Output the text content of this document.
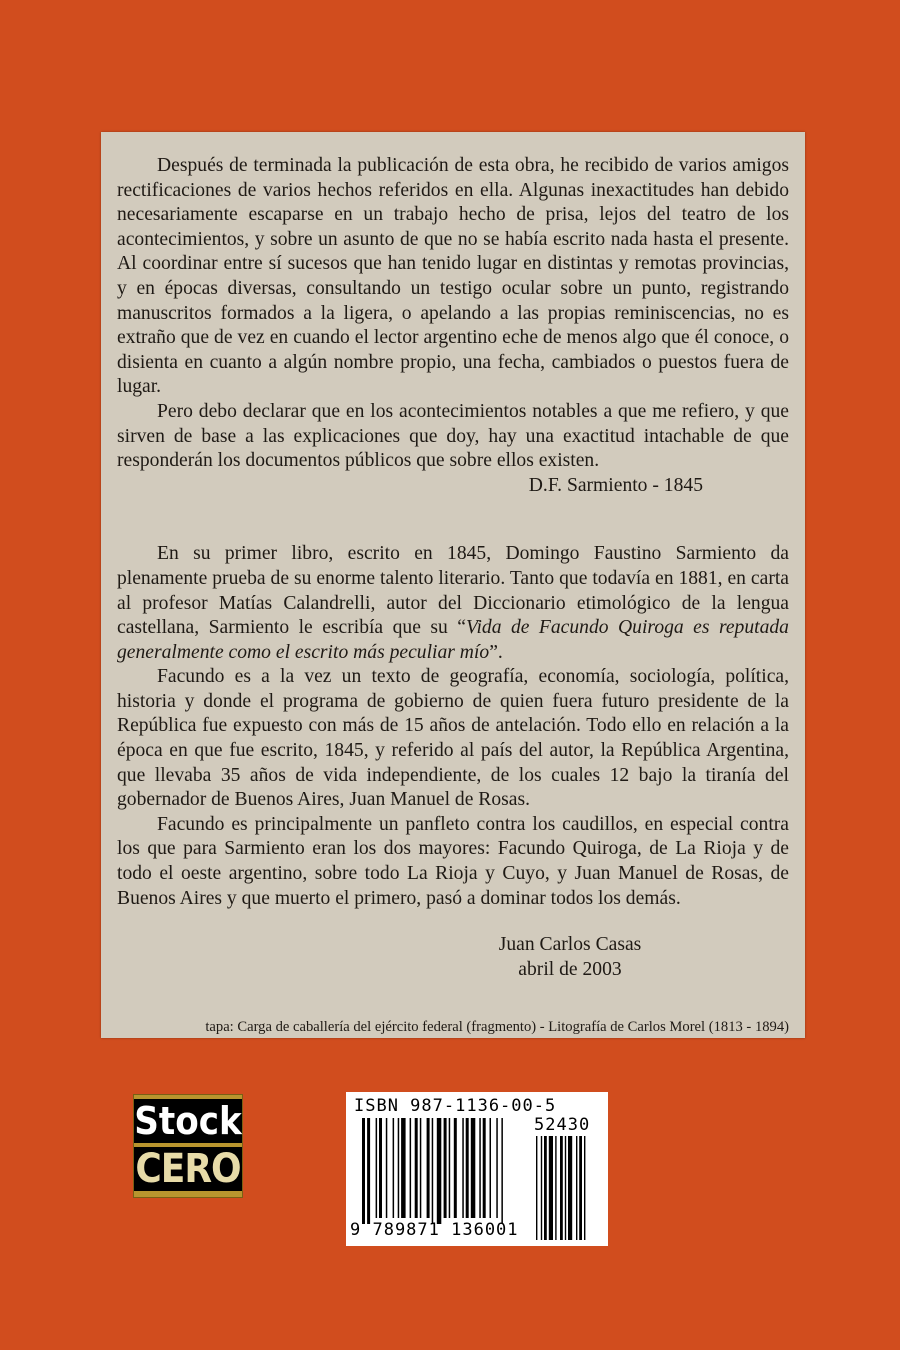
Después de terminada la publicación de esta obra, he recibido de varios amigos rectificaciones de varios hechos referidos en ella. Algunas inexactitudes han debido necesariamente escaparse en un trabajo hecho de prisa, lejos del teatro de los acontecimientos, y sobre un asunto de que no se había escrito nada hasta el presente. Al coordinar entre sí sucesos que han tenido lugar en distintas y remotas provincias, y en épocas diversas, consultando un testigo ocular sobre un punto, registrando manuscritos formados a la ligera, o apelando a las propias reminiscencias, no es extraño que de vez en cuando el lector argentino eche de menos algo que él conoce, o disienta en cuanto a algún nombre propio, una fecha, cambiados o puestos fuera de lugar.

Pero debo declarar que en los acontecimientos notables a que me refiero, y que sirven de base a las explicaciones que doy, hay una exactitud intachable de que responderán los documentos públicos que sobre ellos existen.

D.F. Sarmiento - 1845

En su primer libro, escrito en 1845, Domingo Faustino Sarmiento da plenamente prueba de su enorme talento literario. Tanto que todavía en 1881, en carta al profesor Matías Calandrelli, autor del Diccionario etimológico de la lengua castellana, Sarmiento le escribía que su “Vida de Facundo Quiroga es reputada generalmente como el escrito más peculiar mío”.

Facundo es a la vez un texto de geografía, economía, sociología, política, historia y donde el programa de gobierno de quien fuera futuro presidente de la República fue expuesto con más de 15 años de antelación. Todo ello en relación a la época en que fue escrito, 1845, y referido al país del autor, la República Argentina, que llevaba 35 años de vida independiente, de los cuales 12 bajo la tiranía del gobernador de Buenos Aires, Juan Manuel de Rosas.

Facundo es principalmente un panfleto contra los caudillos, en especial contra los que para Sarmiento eran los dos mayores: Facundo Quiroga, de La Rioja y de todo el oeste argentino, sobre todo La Rioja y Cuyo, y Juan Manuel de Rosas, de Buenos Aires y que muerto el primero, pasó a dominar todos los demás.

Juan Carlos Casas
abril de 2003
tapa: Carga de caballería del ejército federal (fragmento) - Litografía de Carlos Morel (1813 - 1894)
Stock
CERO
ISBN 987-1136-00-5
52430
9 789871 136001
